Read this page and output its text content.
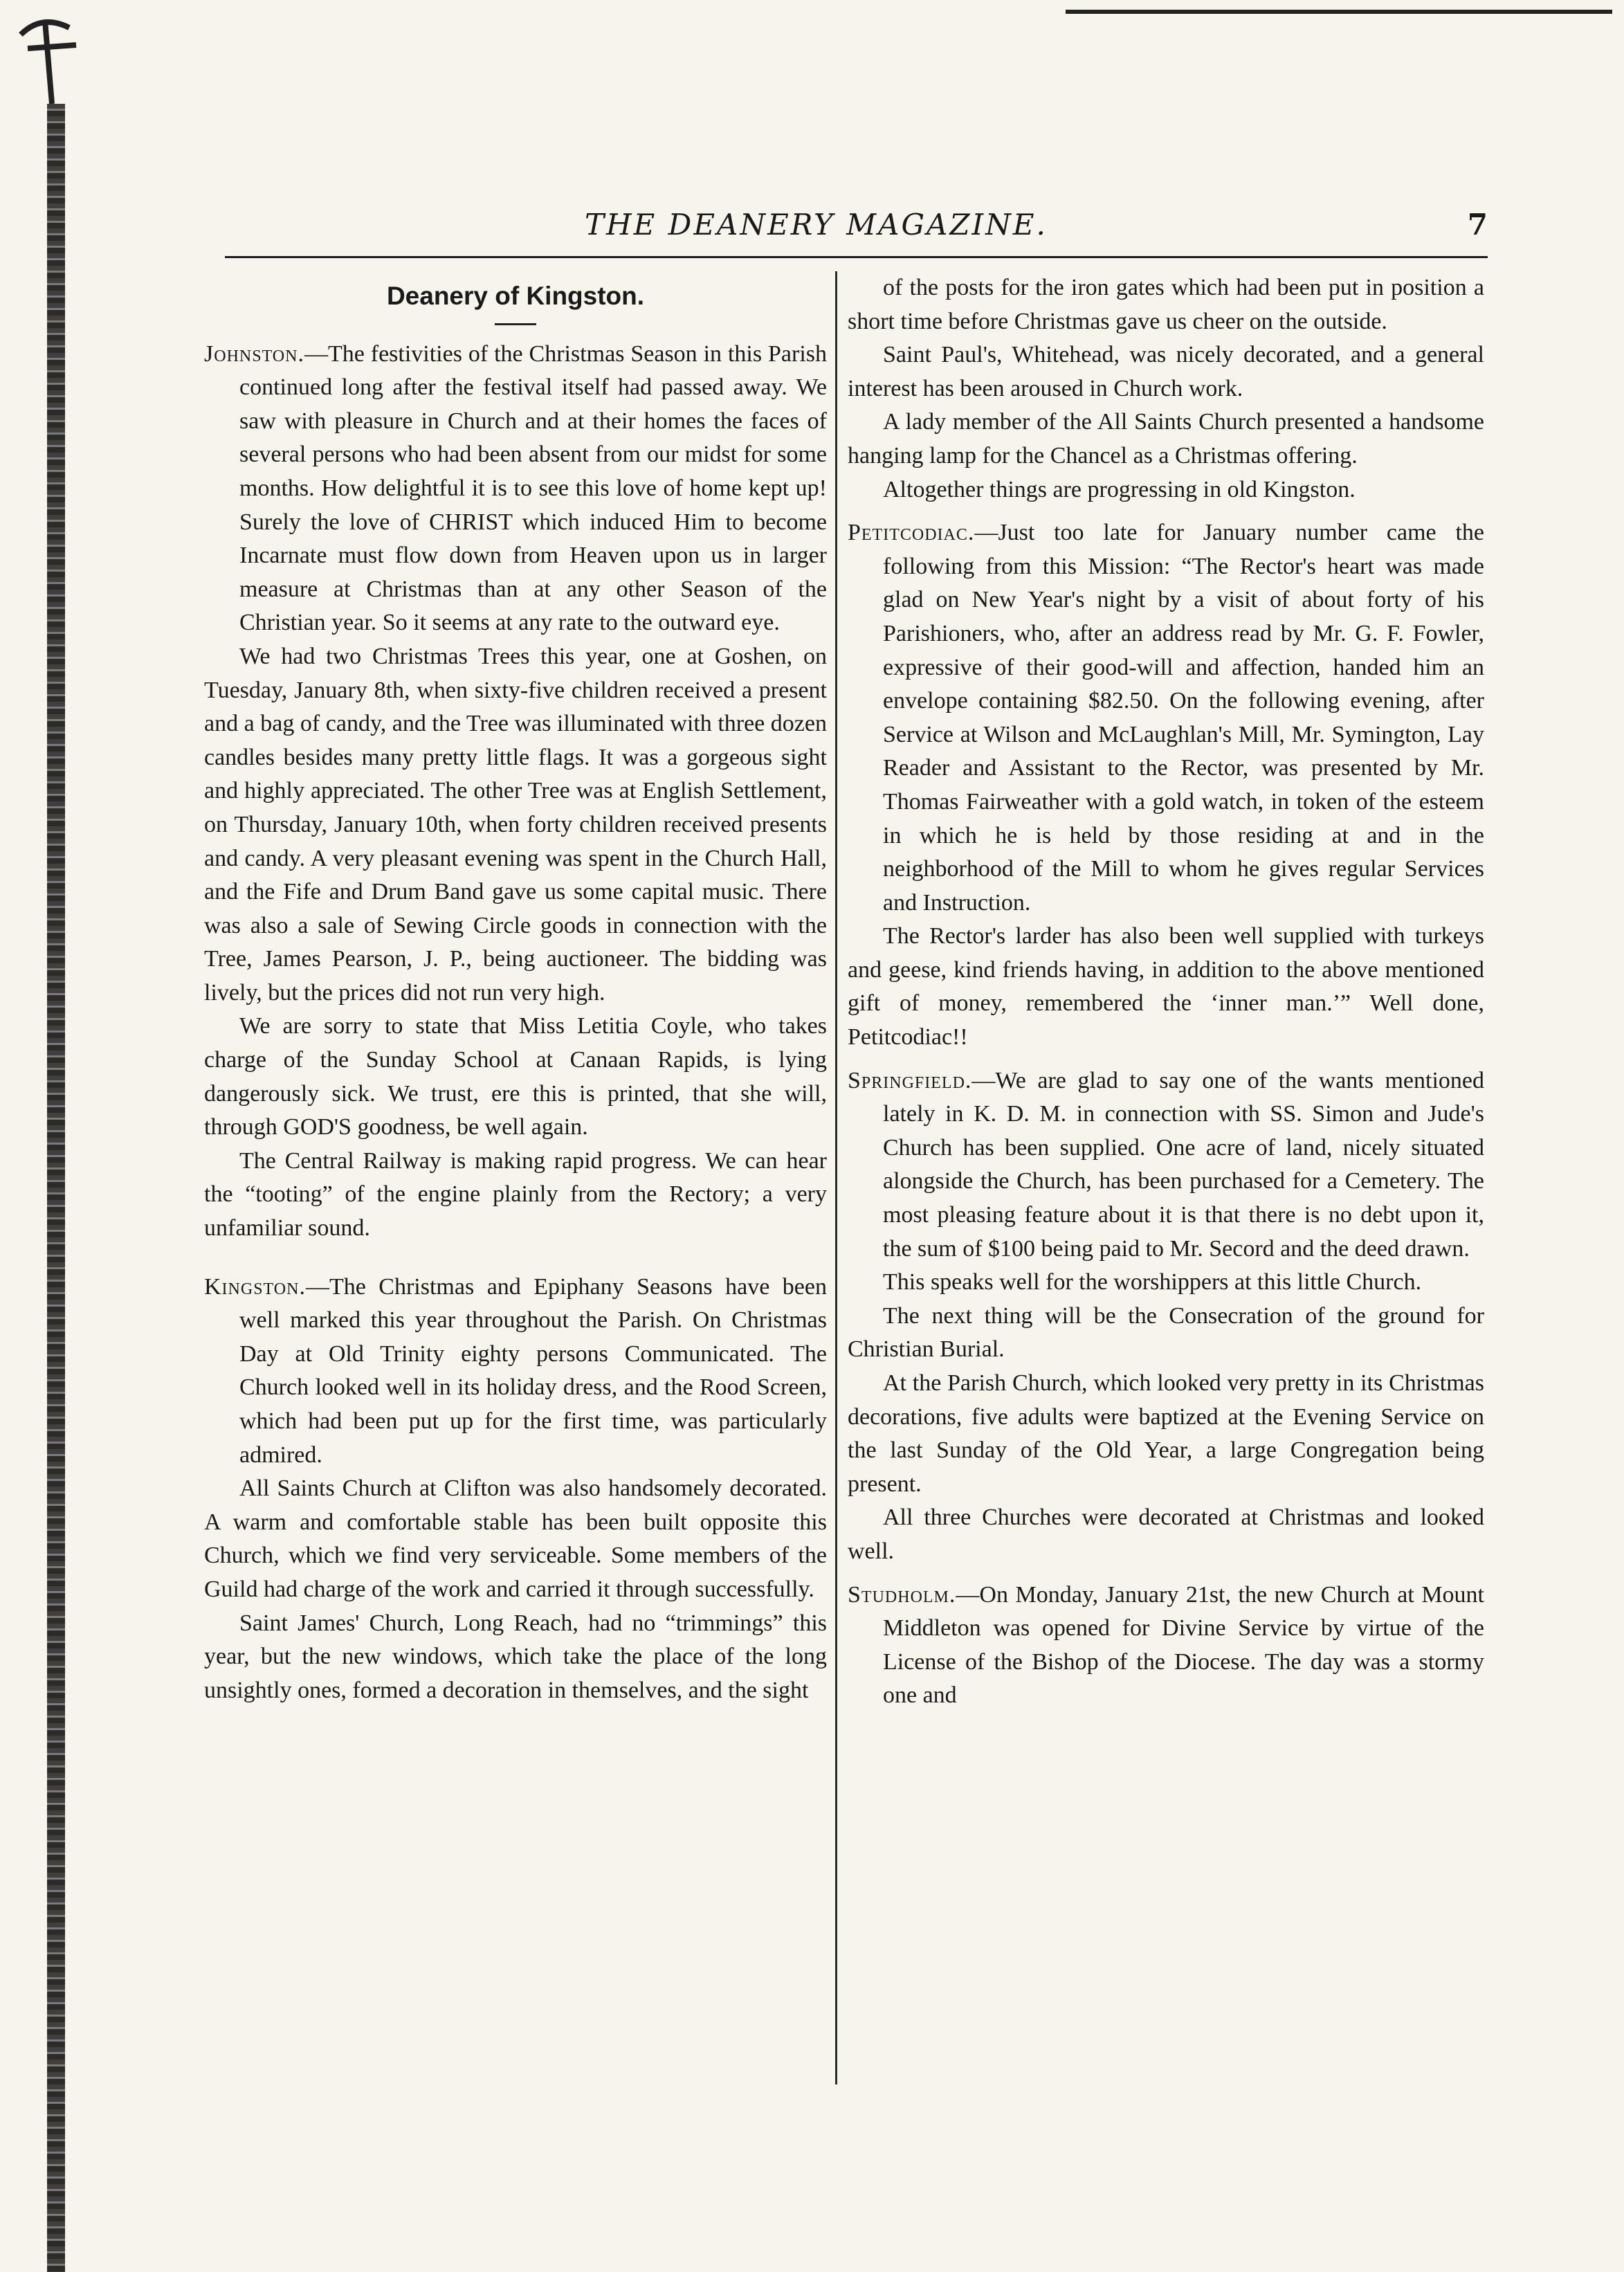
THE DEANERY MAGAZINE.	7
Deanery of Kingston.

Johnston.—The festivities of the Christmas Season in this Parish continued long after the festival itself had passed away. We saw with pleasure in Church and at their homes the faces of several persons who had been absent from our midst for some months. How delightful it is to see this love of home kept up! Surely the love of CHRIST which induced Him to become Incarnate must flow down from Heaven upon us in larger measure at Christmas than at any other Season of the Christian year. So it seems at any rate to the outward eye.

We had two Christmas Trees this year, one at Goshen, on Tuesday, January 8th, when sixty-five children received a present and a bag of candy, and the Tree was illuminated with three dozen candles besides many pretty little flags. It was a gorgeous sight and highly appreciated. The other Tree was at English Settlement, on Thursday, January 10th, when forty children received presents and candy. A very pleasant evening was spent in the Church Hall, and the Fife and Drum Band gave us some capital music. There was also a sale of Sewing Circle goods in connection with the Tree, James Pearson, J. P., being auctioneer. The bidding was lively, but the prices did not run very high.

We are sorry to state that Miss Letitia Coyle, who takes charge of the Sunday School at Canaan Rapids, is lying dangerously sick. We trust, ere this is printed, that she will, through GOD'S goodness, be well again.

The Central Railway is making rapid progress. We can hear the “tooting” of the engine plainly from the Rectory; a very unfamiliar sound.

Kingston.—The Christmas and Epiphany Seasons have been well marked this year throughout the Parish. On Christmas Day at Old Trinity eighty persons Communicated. The Church looked well in its holiday dress, and the Rood Screen, which had been put up for the first time, was particularly admired.

All Saints Church at Clifton was also handsomely decorated. A warm and comfortable stable has been built opposite this Church, which we find very serviceable. Some members of the Guild had charge of the work and carried it through successfully.

Saint James' Church, Long Reach, had no “trimmings” this year, but the new windows, which take the place of the long unsightly ones, formed a decoration in themselves, and the sight

of the posts for the iron gates which had been put in position a short time before Christmas gave us cheer on the outside.

Saint Paul's, Whitehead, was nicely decorated, and a general interest has been aroused in Church work.

A lady member of the All Saints Church presented a handsome hanging lamp for the Chancel as a Christmas offering.

Altogether things are progressing in old Kingston.

Petitcodiac.—Just too late for January number came the following from this Mission: “The Rector's heart was made glad on New Year's night by a visit of about forty of his Parishioners, who, after an address read by Mr. G. F. Fowler, expressive of their good-will and affection, handed him an envelope containing $82.50. On the following evening, after Service at Wilson and McLaughlan's Mill, Mr. Symington, Lay Reader and Assistant to the Rector, was presented by Mr. Thomas Fairweather with a gold watch, in token of the esteem in which he is held by those residing at and in the neighborhood of the Mill to whom he gives regular Services and Instruction.

The Rector's larder has also been well supplied with turkeys and geese, kind friends having, in addition to the above mentioned gift of money, remembered the ‘inner man.’” Well done, Petitcodiac!!

Springfield.—We are glad to say one of the wants mentioned lately in K. D. M. in connection with SS. Simon and Jude's Church has been supplied. One acre of land, nicely situated alongside the Church, has been purchased for a Cemetery. The most pleasing feature about it is that there is no debt upon it, the sum of $100 being paid to Mr. Secord and the deed drawn.

This speaks well for the worshippers at this little Church.

The next thing will be the Consecration of the ground for Christian Burial.

At the Parish Church, which looked very pretty in its Christmas decorations, five adults were baptized at the Evening Service on the last Sunday of the Old Year, a large Congregation being present.

All three Churches were decorated at Christmas and looked well.

Studholm.—On Monday, January 21st, the new Church at Mount Middleton was opened for Divine Service by virtue of the License of the Bishop of the Diocese. The day was a stormy one and
